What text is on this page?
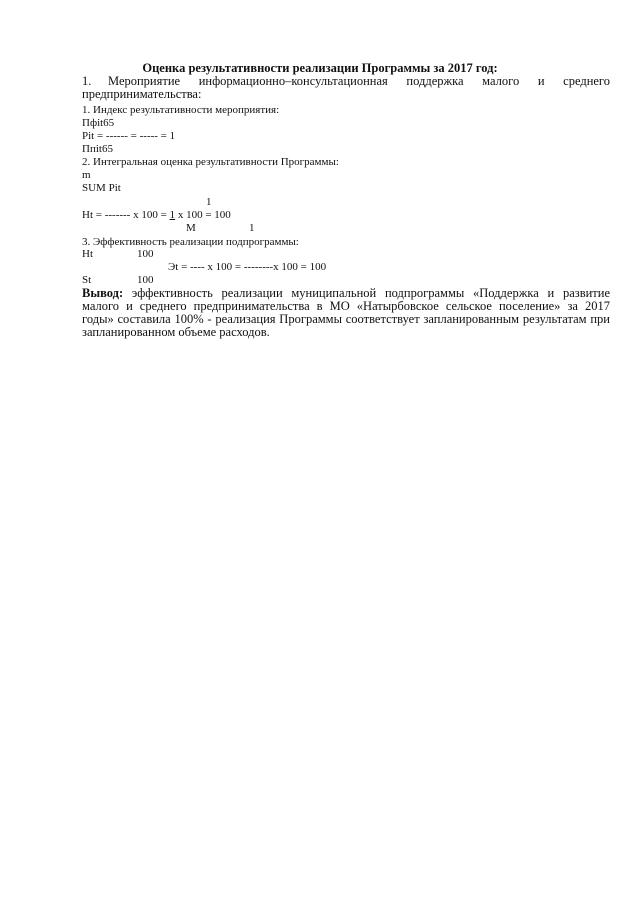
Оценка результативности реализации Программы за 2017 год:
1. Мероприятие информационно–консультационная поддержка малого и среднего
предпринимательства:
1. Индекс результативности мероприятия:
Пфit65
Pit = ------ = ----- = 1
Ппit65
2. Интегральная оценка результативности Программы:
m
SUM Pit
1
Ht = ------- x 100 = 1 x 100 = 100
M	1
3. Эффективность реализации подпрограммы:
Ht	100
Эt = ---- x 100 = --------x 100 = 100
St	100
Вывод: эффективность реализации муниципальной подпрограммы «Поддержка и развитие
малого и среднего предпринимательства в МО «Натырбовское сельское поселение» за 2017
годы» составила 100% - реализация Программы соответствует запланированным результатам при
запланированном объеме расходов.
